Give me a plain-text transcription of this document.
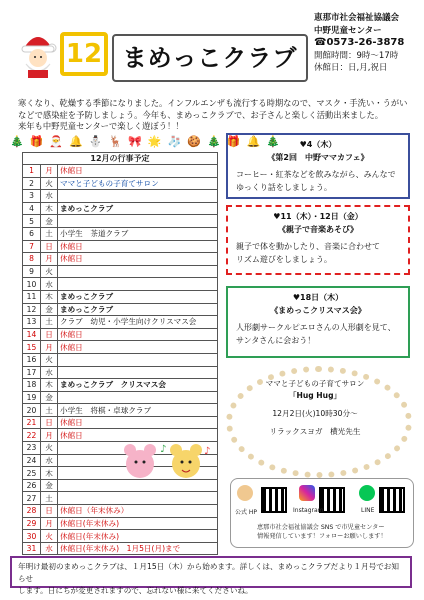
12 まめっこクラブ
恵那市社会福祉協議会
中野児童センター
☎0573-26-3878
開館時間：9時～17時
休館日：日,月,祝日
寒くなり、乾燥する季節になりました。インフルエンザも流行する時期なので、マスク・手洗い・うがい
などで感染症を予防しましょう。今年も、まめっこクラブで、お子さんと楽しく活動出来ました。
来年も中野児童センターで楽しく遊ぼう！！
🎄 🎁 🎅 🔔 ⛄ 🦌 🎀 🌟 🧦 🍪 🎄 🎁 🔔 🎄
12月の行事予定		
1	月	休館日
2	火	ママと子どもの子育てサロン
3	水	
4	木	まめっこクラブ
5	金	
6	土	小学生　茶道クラブ
7	日	休館日
8	月	休館日
9	火	
10	水	
11	木	まめっこクラブ
12	金	まめっこクラブ
13	土	クラブ　幼児・小学生向けクリスマス会
14	日	休館日
15	月	休館日
16	火	
17	水	
18	木	まめっこクラブ　クリスマス会
19	金	
20	土	小学生　将棋・卓球クラブ
21	日	休館日
22	月	休館日
23	火	
24	水	
25	木	
26	金	
27	土	
28	日	休館日（年末休み）
29	月	休館日(年末休み)
30	火	休館日(年末休み)
31	水	休館日(年末休み)　1月5日(月)まで
♥4（木）
《第2回　中野ママカフェ》
コーヒー・紅茶などを飲みながら、みんなで
ゆっくり話をしましょう。
♥11（木）・12日（金）
《親子で音楽あそび》
親子で体を動かしたり、音楽に合わせて
リズム遊びをしましょう。
♥18日（木）
《まめっこクリスマス会》
人形劇サークルピエロさんの人形劇を見て、
サンタさんに会おう！
ママと子どもの子育てサロン
「Hug Hug」
12月2日(火)10時30分～
リラックスヨガ　横光先生
♪	♪
公式 HP	Instagram	LINE
恵那市社会福祉協議会 SNS で市児童センター
情報発信しています！フォローお願いします！
年明け最初のまめっこクラブは、１月15日（木）から始めます。詳しくは、まめっこクラブだより１月号でお知らせ
します。日にちが変更されますので、忘れない様に来てくださいね。
